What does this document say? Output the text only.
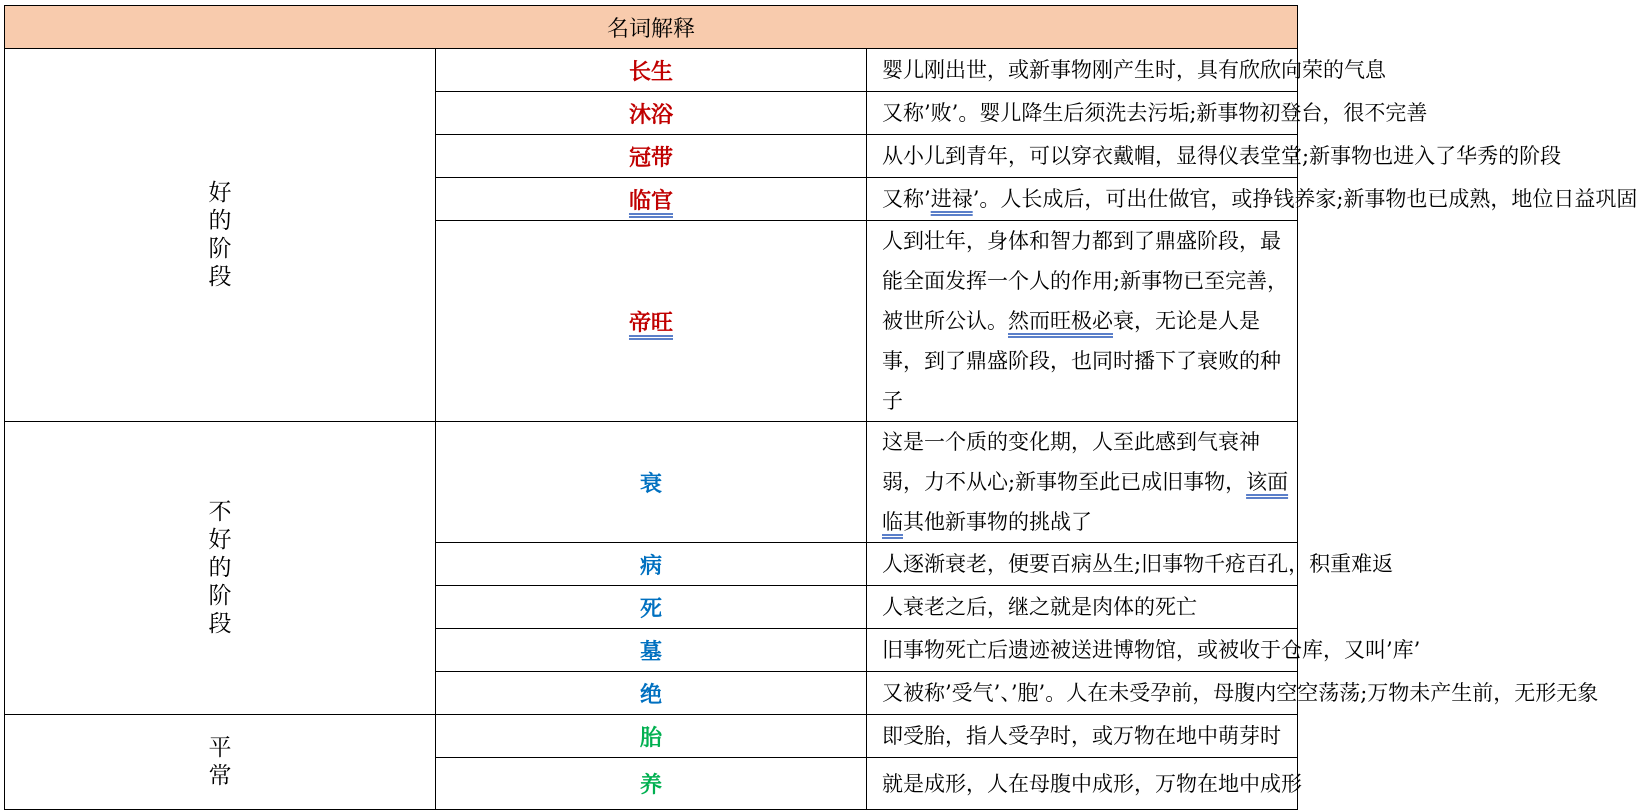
名词解释		
好的阶段	长生	婴儿刚出世，或新事物刚产生时，具有欣欣向荣的气息
	沐浴	又称’败’。婴儿降生后须洗去污垢;新事物初登台，很不完善
	冠带	从小儿到青年，可以穿衣戴帽，显得仪表堂堂;新事物也进入了华秀的阶段
	临官	又称’进禄’。人长成后，可出仕做官，或挣钱养家;新事物也已成熟，地位日益巩固
	帝旺	人到壮年，身体和智力都到了鼎盛阶段，最能全面发挥一个人的作用;新事物已至完善，被世所公认。然而旺极必衰，无论是人是事，到了鼎盛阶段，也同时播下了衰败的种子
不好的阶段	衰	这是一个质的变化期，人至此感到气衰神弱，力不从心;新事物至此已成旧事物，该面临其他新事物的挑战了
	病	人逐渐衰老，便要百病丛生;旧事物千疮百孔，积重难返
	死	人衰老之后，继之就是肉体的死亡
	墓	旧事物死亡后遗迹被送进博物馆，或被收于仓库，又叫’库’
	绝	又被称’受气’、’胞’。人在未受孕前，母腹内空空荡荡;万物未产生前，无形无象
平常	胎	即受胎，指人受孕时，或万物在地中萌芽时
	养	就是成形，人在母腹中成形，万物在地中成形
